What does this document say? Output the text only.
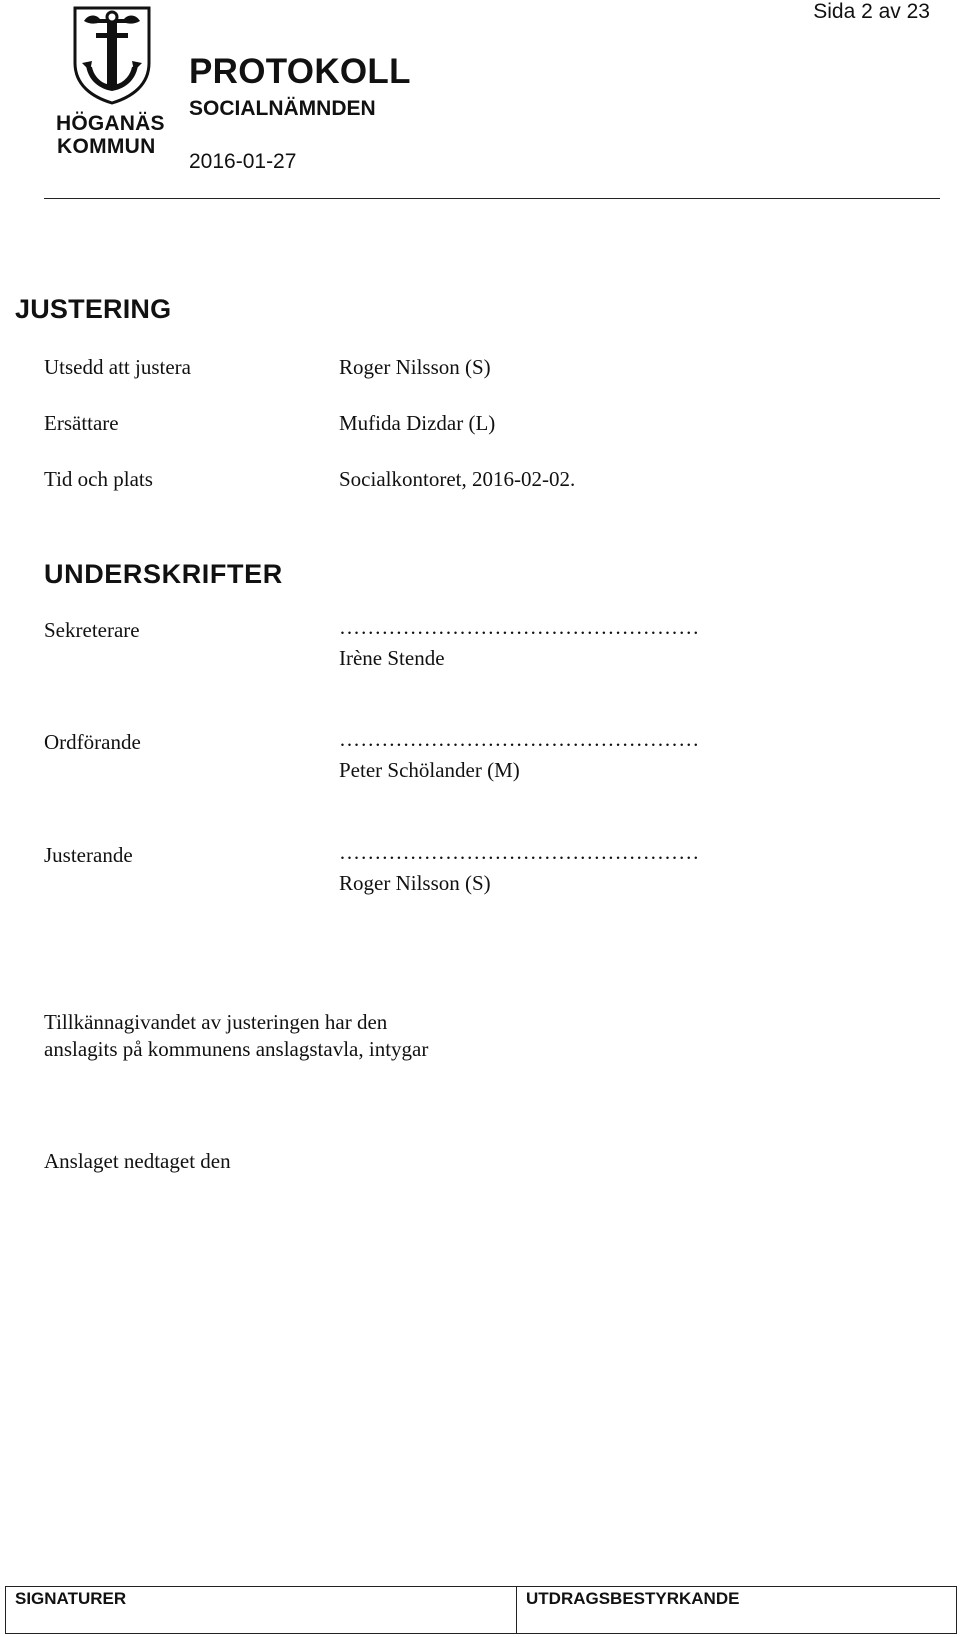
Sida 2 av 23
HÖGANÄS
KOMMUN
PROTOKOLL
SOCIALNÄMNDEN
2016-01-27
JUSTERING
Utsedd att justera	Roger Nilsson (S)
Ersättare	Mufida Dizdar (L)
Tid och plats	Socialkontoret, 2016-02-02.
UNDERSKRIFTER
Sekreterare	……………………………………………
Irène Stende
Ordförande	……………………………………………
Peter Schölander (M)
Justerande	……………………………………………
Roger Nilsson (S)
Tillkännagivandet av justeringen har den
anslagits på kommunens anslagstavla, intygar
Anslaget nedtaget den
SIGNATURER	UTDRAGSBESTYRKANDE
